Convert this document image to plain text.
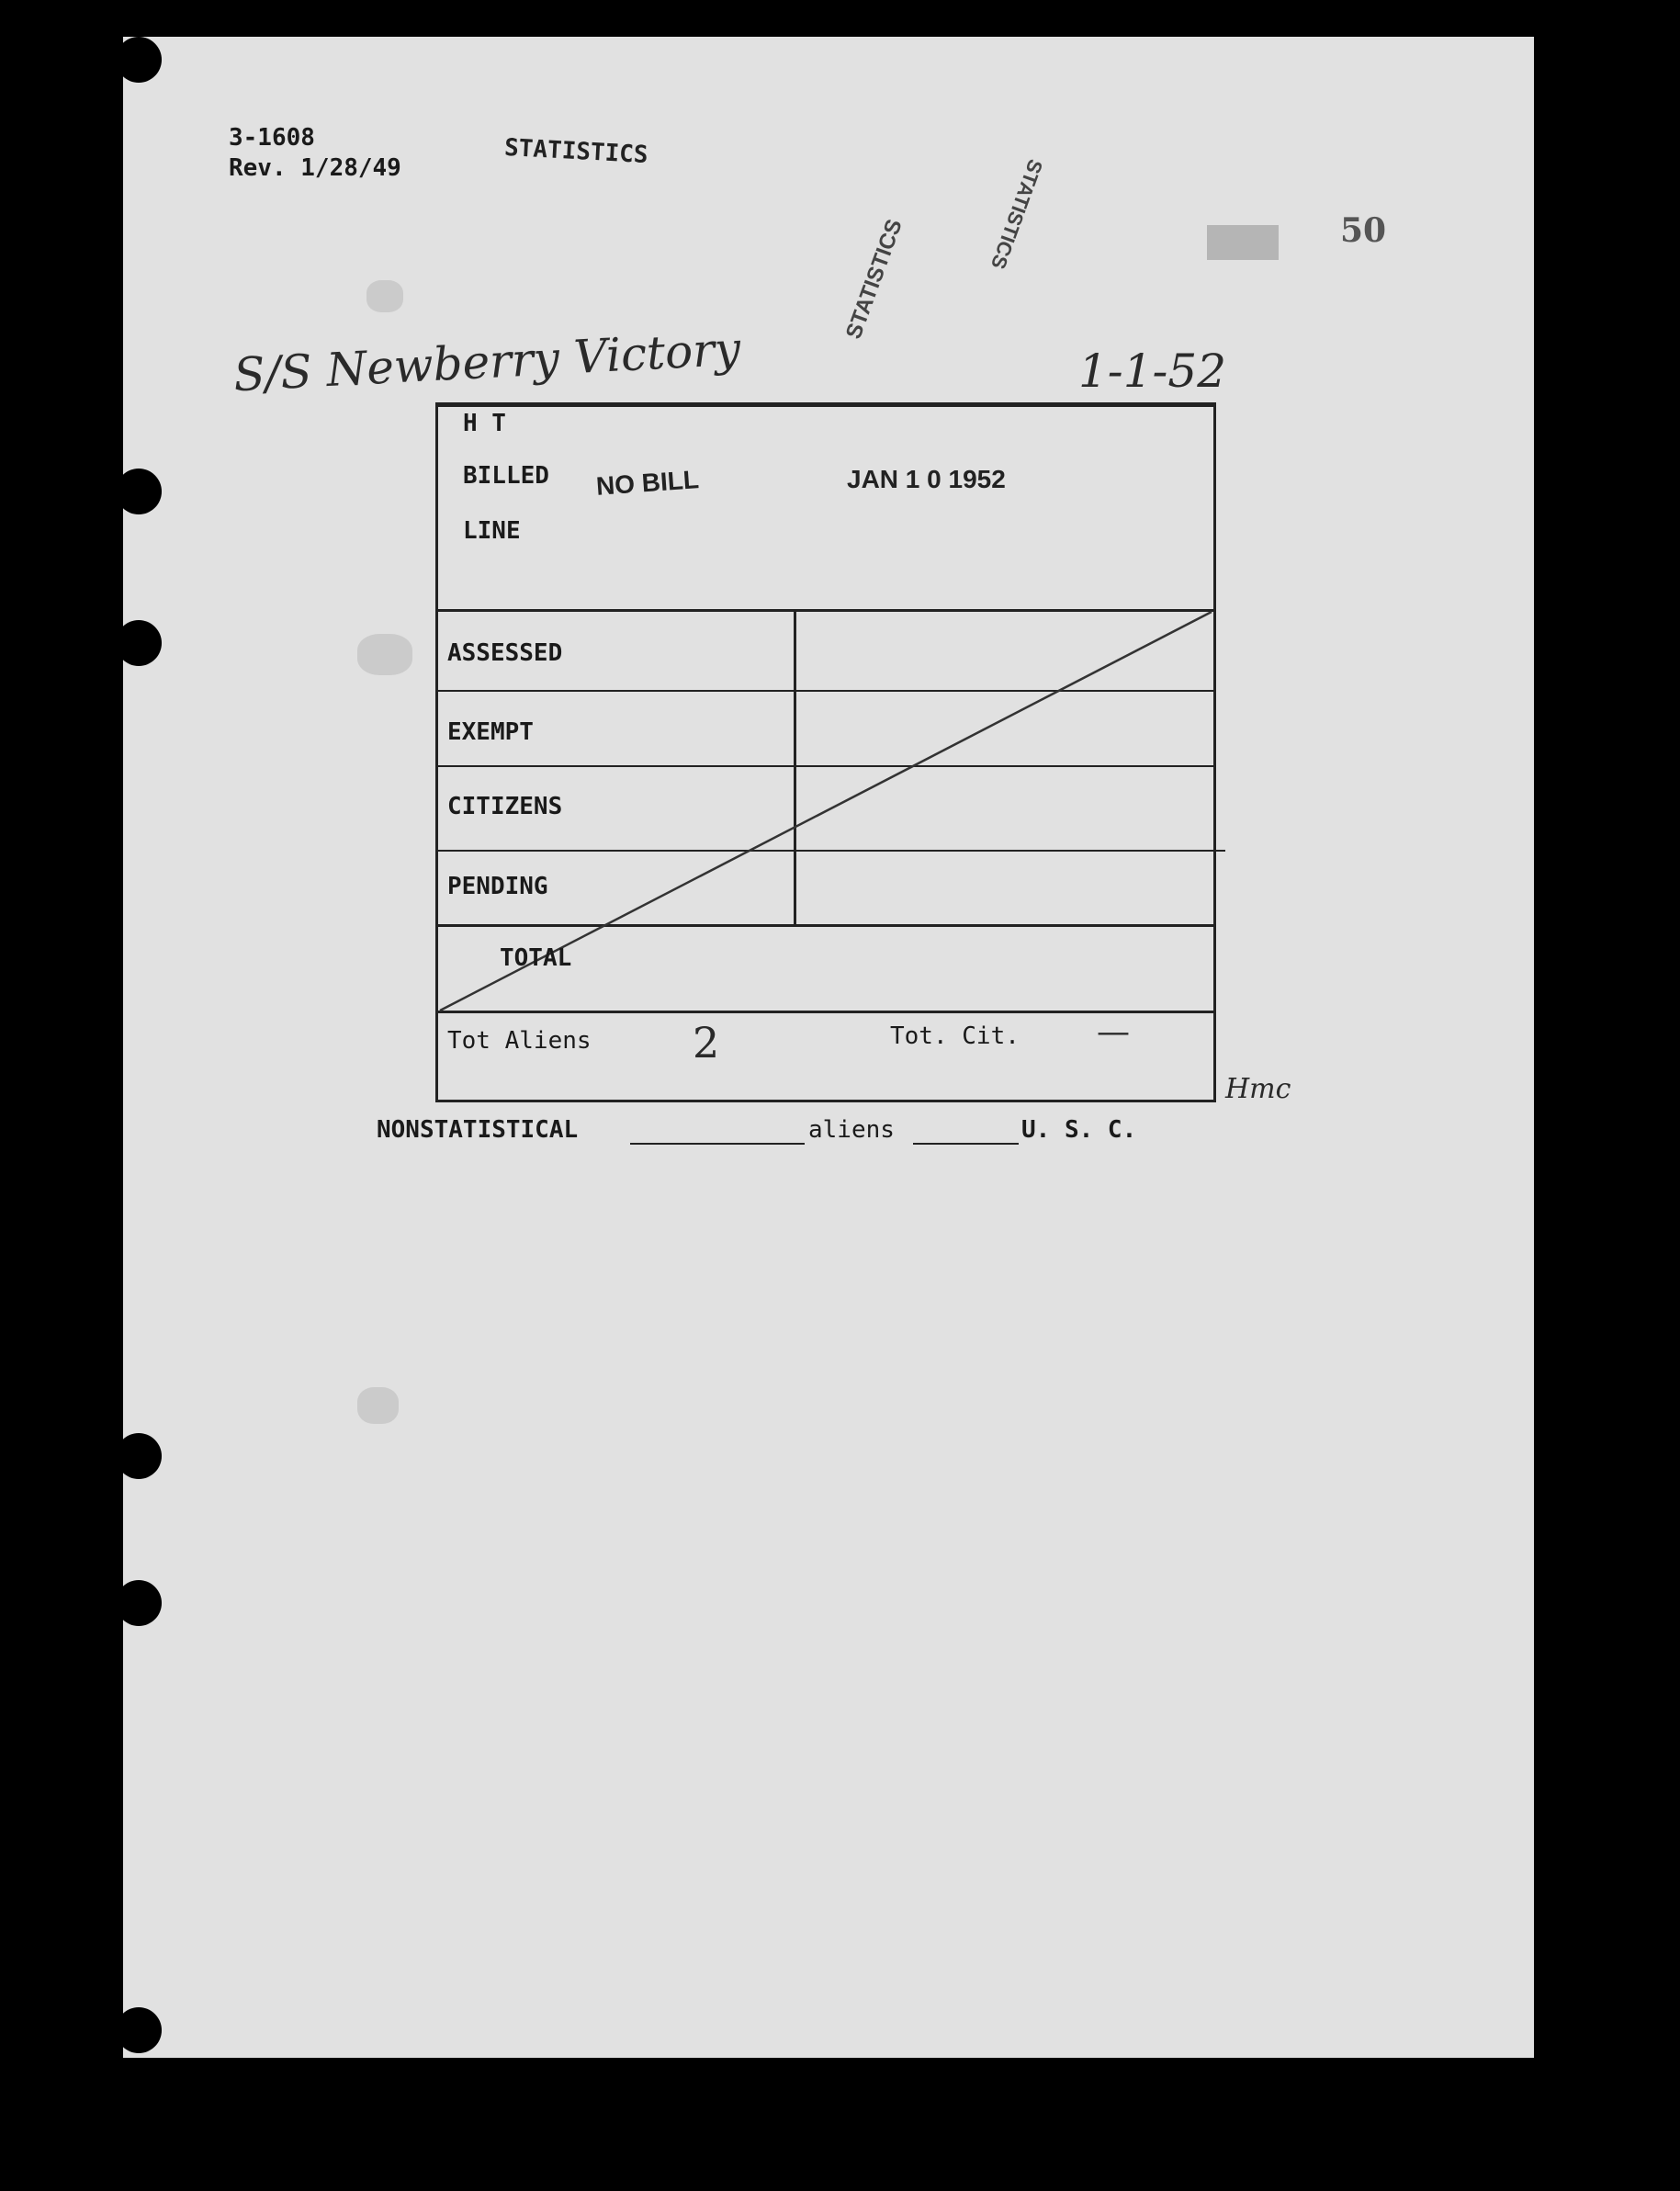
3-1608
Rev. 1/28/49	STATISTICS
STATISTICS
STATISTICS	50
S/S Newberry Victory	1-1-52
H T
BILLED
LINE
NO BILL	JAN 1 0 1952
ASSESSED
EXEMPT
CITIZENS
PENDING
TOTAL
Tot Aliens 2	Tot. Cit. —
Hmc
NONSTATISTICAL	aliens	U. S. C.
